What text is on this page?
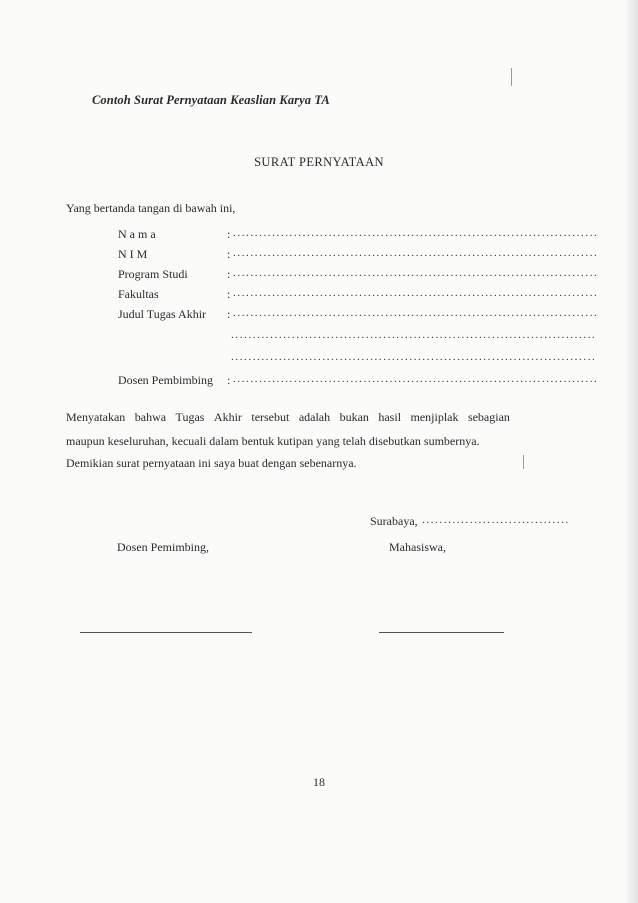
Contoh Surat Pernyataan Keaslian Karya TA
SURAT PERNYATAAN
Yang bertanda tangan di bawah ini,
N a m a	: ....................................................................................
N I M	: ....................................................................................
Program Studi	: ....................................................................................
Fakultas	: ....................................................................................
Judul Tugas Akhir : ....................................................................................
....................................................................................
....................................................................................
Dosen Pembimbing : ....................................................................................
Menyatakan bahwa Tugas Akhir tersebut adalah bukan hasil menjiplak sebagian
maupun keseluruhan, kecuali dalam bentuk kutipan yang telah disebutkan sumbernya.
Demikian surat pernyataan ini saya buat dengan sebenarnya.
Surabaya, ..................................
Dosen Pemimbing,	Mahasiswa,
18
